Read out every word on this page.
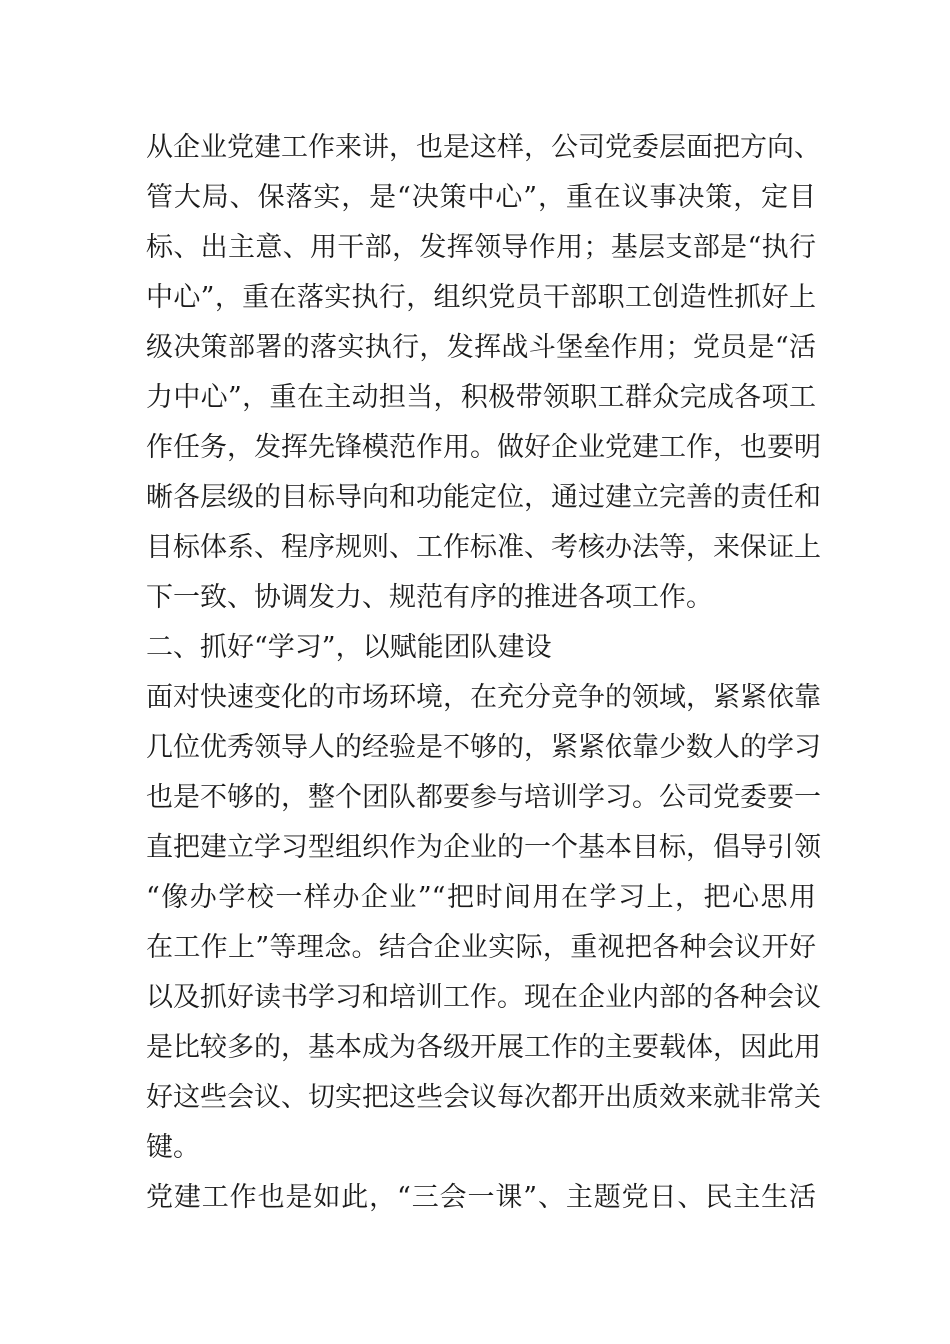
从企业党建工作来讲，也是这样，公司党委层面把方向、
管大局、保落实，是“决策中心”，重在议事决策，定目
标、出主意、用干部，发挥领导作用；基层支部是“执行
中心”，重在落实执行，组织党员干部职工创造性抓好上
级决策部署的落实执行，发挥战斗堡垒作用；党员是“活
力中心”，重在主动担当，积极带领职工群众完成各项工
作任务，发挥先锋模范作用。做好企业党建工作，也要明
晰各层级的目标导向和功能定位，通过建立完善的责任和
目标体系、程序规则、工作标准、考核办法等，来保证上
下一致、协调发力、规范有序的推进各项工作。
二、抓好“学习”，以赋能团队建设
面对快速变化的市场环境，在充分竞争的领域，紧紧依靠
几位优秀领导人的经验是不够的，紧紧依靠少数人的学习
也是不够的，整个团队都要参与培训学习。公司党委要一
直把建立学习型组织作为企业的一个基本目标，倡导引领
“像办学校一样办企业”“把时间用在学习上，把心思用
在工作上”等理念。结合企业实际，重视把各种会议开好
以及抓好读书学习和培训工作。现在企业内部的各种会议
是比较多的，基本成为各级开展工作的主要载体，因此用
好这些会议、切实把这些会议每次都开出质效来就非常关
键。
党建工作也是如此，“三会一课”、主题党日、民主生活
